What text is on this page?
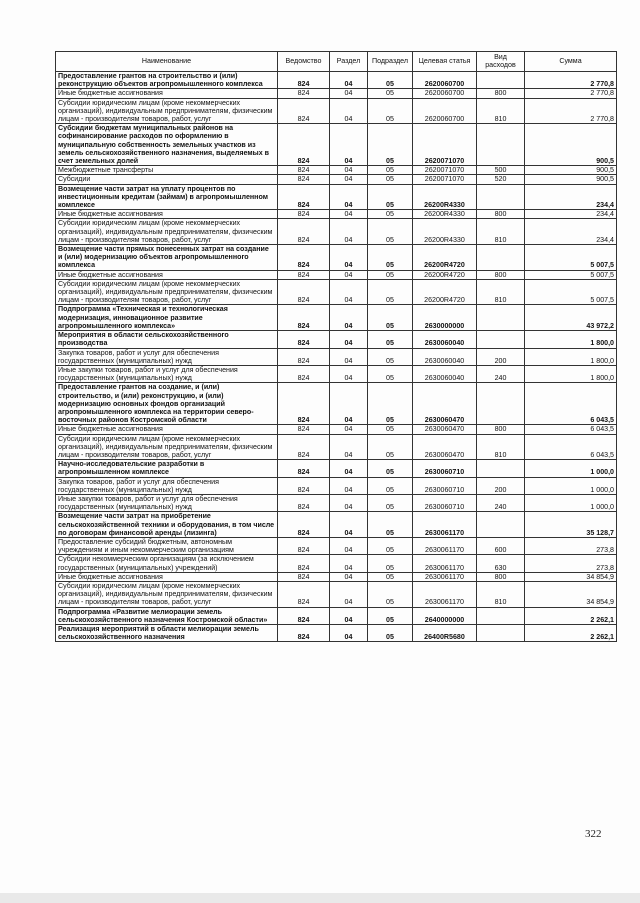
Наименование	Ведомство	Раздел	Подраздел	Целевая статья	Вид расходов	Сумма
Предоставление грантов на строительство и (или) реконструкцию объектов агропромышленного комплекса	824	04	05	2620060700		2 770,8
Иные бюджетные ассигнования	824	04	05	2620060700	800	2 770,8
Субсидии юридическим лицам (кроме некоммерческих организаций), индивидуальным предпринимателям, физическим лицам - производителям товаров, работ, услуг	824	04	05	2620060700	810	2 770,8
Субсидии бюджетам муниципальных районов на софинансирование расходов по оформлению в муниципальную собственность земельных участков из земель сельскохозяйственного назначения, выделяемых в счет земельных долей	824	04	05	2620071070		900,5
Межбюджетные трансферты	824	04	05	2620071070	500	900,5
Субсидии	824	04	05	2620071070	520	900,5
Возмещение части затрат на уплату процентов по инвестиционным кредитам (займам) в агропромышленном комплексе	824	04	05	26200R4330		234,4
Иные бюджетные ассигнования	824	04	05	26200R4330	800	234,4
Субсидии юридическим лицам (кроме некоммерческих организаций), индивидуальным предпринимателям, физическим лицам - производителям товаров, работ, услуг	824	04	05	26200R4330	810	234,4
Возмещение части прямых понесенных затрат на создание и (или) модернизацию объектов агропромышленного комплекса	824	04	05	26200R4720		5 007,5
Иные бюджетные ассигнования	824	04	05	26200R4720	800	5 007,5
Субсидии юридическим лицам (кроме некоммерческих организаций), индивидуальным предпринимателям, физическим лицам - производителям товаров, работ, услуг	824	04	05	26200R4720	810	5 007,5
Подпрограмма «Техническая и технологическая модернизация, инновационное развитие агропромышленного комплекса»	824	04	05	2630000000		43 972,2
Мероприятия в области сельскохозяйственного производства	824	04	05	2630060040		1 800,0
Закупка товаров, работ и услуг для обеспечения государственных (муниципальных) нужд	824	04	05	2630060040	200	1 800,0
Иные закупки товаров, работ и услуг для обеспечения государственных (муниципальных) нужд	824	04	05	2630060040	240	1 800,0
Предоставление грантов на создание, и (или) строительство, и (или) реконструкцию, и (или) модернизацию основных фондов организаций агропромышленного комплекса на территории северо-восточных районов Костромской области	824	04	05	2630060470		6 043,5
Иные бюджетные ассигнования	824	04	05	2630060470	800	6 043,5
Субсидии юридическим лицам (кроме некоммерческих организаций), индивидуальным предпринимателям, физическим лицам - производителям товаров, работ, услуг	824	04	05	2630060470	810	6 043,5
Научно-исследовательские разработки в агропромышленном комплексе	824	04	05	2630060710		1 000,0
Закупка товаров, работ и услуг для обеспечения государственных (муниципальных) нужд	824	04	05	2630060710	200	1 000,0
Иные закупки товаров, работ и услуг для обеспечения государственных (муниципальных) нужд	824	04	05	2630060710	240	1 000,0
Возмещение части затрат на приобретение сельскохозяйственной техники и оборудования, в том числе по договорам финансовой аренды (лизинга)	824	04	05	2630061170		35 128,7
Предоставление субсидий бюджетным, автономным учреждениям и иным некоммерческим организациям	824	04	05	2630061170	600	273,8
Субсидии некоммерческим организациям (за исключением государственных (муниципальных) учреждений)	824	04	05	2630061170	630	273,8
Иные бюджетные ассигнования	824	04	05	2630061170	800	34 854,9
Субсидии юридическим лицам (кроме некоммерческих организаций), индивидуальным предпринимателям, физическим лицам - производителям товаров, работ, услуг	824	04	05	2630061170	810	34 854,9
Подпрограмма «Развитие мелиорации земель сельскохозяйственного назначения Костромской области»	824	04	05	2640000000		2 262,1
Реализация мероприятий в области мелиорации земель сельскохозяйственного назначения	824	04	05	26400R5680		2 262,1
322
